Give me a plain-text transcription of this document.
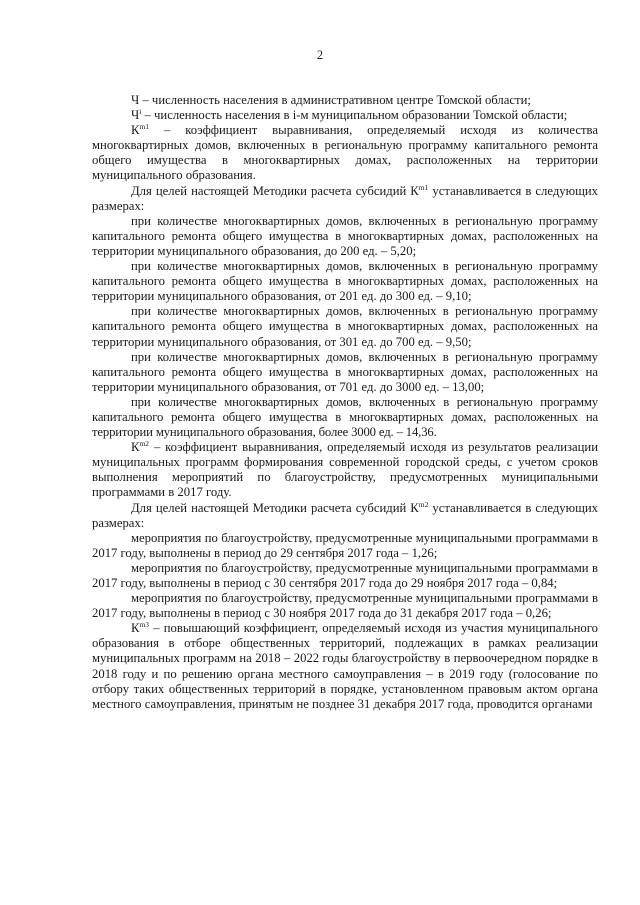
2

Ч – численность населения в административном центре Томской области;

$Ч^i$ – численность населения в i-м муниципальном образовании Томской области;

$К^{m1}$ – коэффициент выравнивания, определяемый исходя из количества многоквартирных домов, включенных в региональную программу капитального ремонта общего имущества в многоквартирных домах, расположенных на территории муниципального образования.

Для целей настоящей Методики расчета субсидий $К^{m1}$ устанавливается в следующих размерах:

при количестве многоквартирных домов, включенных в региональную программу капитального ремонта общего имущества в многоквартирных домах, расположенных на территории муниципального образования, до 200 ед. – 5,20;

при количестве многоквартирных домов, включенных в региональную программу капитального ремонта общего имущества в многоквартирных домах, расположенных на территории муниципального образования, от 201 ед. до 300 ед. – 9,10;

при количестве многоквартирных домов, включенных в региональную программу капитального ремонта общего имущества в многоквартирных домах, расположенных на территории муниципального образования, от 301 ед. до 700 ед. – 9,50;

при количестве многоквартирных домов, включенных в региональную программу капитального ремонта общего имущества в многоквартирных домах, расположенных на территории муниципального образования, от 701 ед. до 3000 ед. – 13,00;

при количестве многоквартирных домов, включенных в региональную программу капитального ремонта общего имущества в многоквартирных домах, расположенных на территории муниципального образования, более 3000 ед. – 14,36.

$К^{m2}$ – коэффициент выравнивания, определяемый исходя из результатов реализации муниципальных программ формирования современной городской среды, с учетом сроков выполнения мероприятий по благоустройству, предусмотренных муниципальными программами в 2017 году.

Для целей настоящей Методики расчета субсидий $К^{m2}$ устанавливается в следующих размерах:

мероприятия по благоустройству, предусмотренные муниципальными программами в 2017 году, выполнены в период до 29 сентября 2017 года – 1,26;

мероприятия по благоустройству, предусмотренные муниципальными программами в 2017 году, выполнены в период с 30 сентября 2017 года до 29 ноября 2017 года – 0,84;

мероприятия по благоустройству, предусмотренные муниципальными программами в 2017 году, выполнены в период с 30 ноября 2017 года до 31 декабря 2017 года – 0,26;

$К^{m3}$ – повышающий коэффициент, определяемый исходя из участия муниципального образования в отборе общественных территорий, подлежащих в рамках реализации муниципальных программ на 2018 – 2022 годы благоустройству в первоочередном порядке в 2018 году и по решению органа местного самоуправления – в 2019 году (голосование по отбору таких общественных территорий в порядке, установленном правовым актом органа местного самоуправления, принятым не позднее 31 декабря 2017 года, проводится органами
